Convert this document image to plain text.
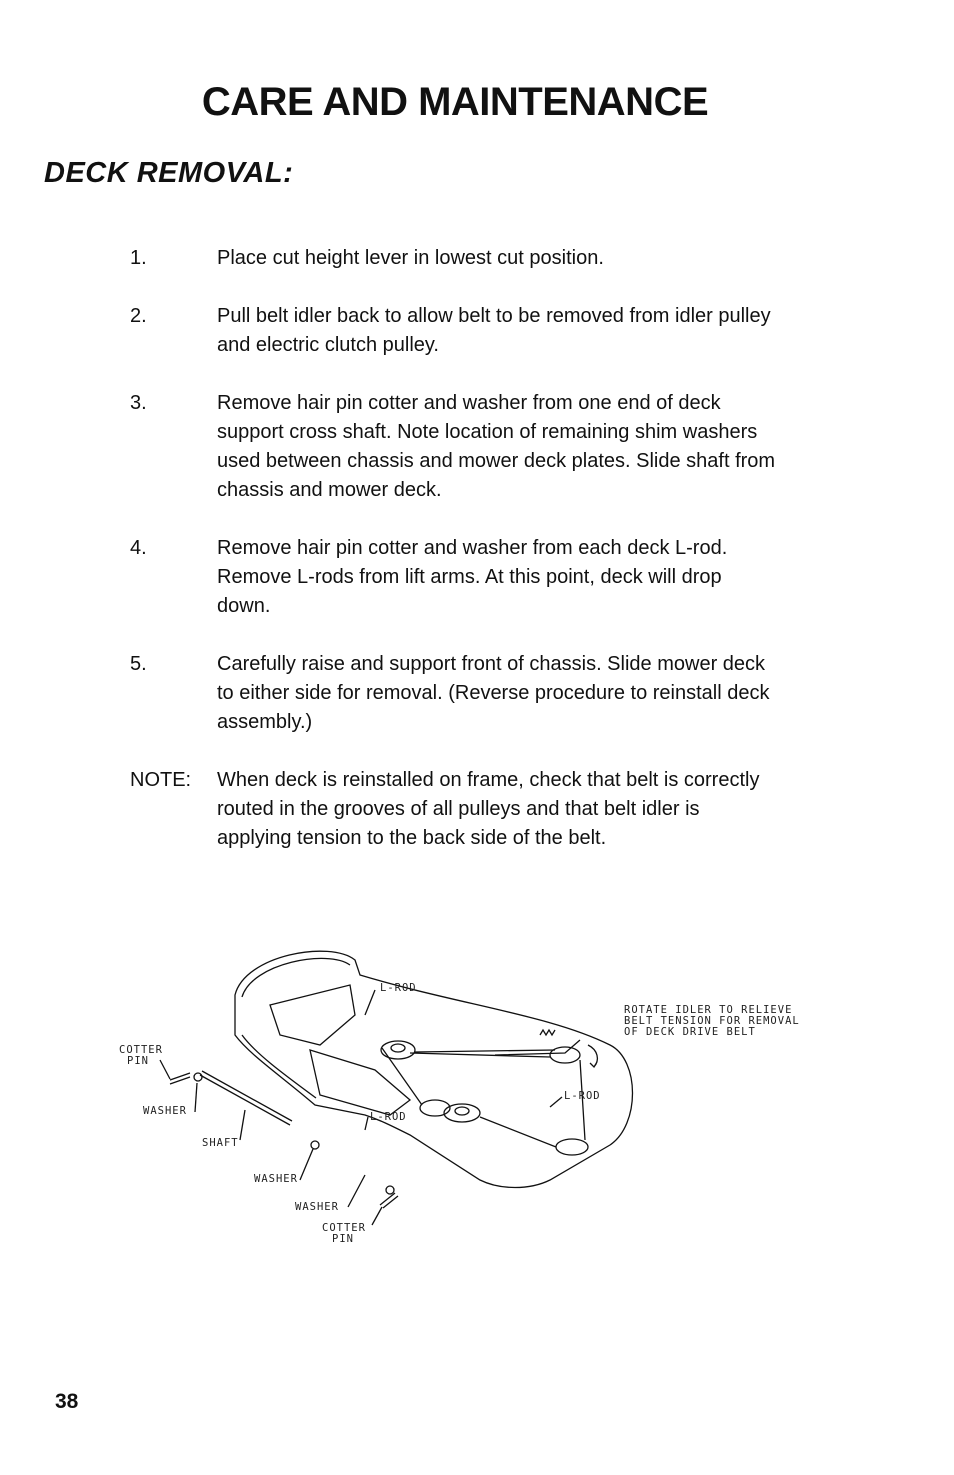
CARE AND MAINTENANCE
DECK REMOVAL:
1.	Place cut height lever in lowest cut position.
2.	Pull belt idler back to allow belt to be removed from idler pulley and electric clutch pulley.
3.	Remove hair pin cotter and washer from one end of deck support cross shaft. Note location of remaining shim washers used between chassis and mower deck plates. Slide shaft from chassis and mower deck.
4.	Remove hair pin cotter and washer from each deck L-rod. Remove L-rods from lift arms. At this point, deck will drop down.
5.	Carefully raise and support front of chassis. Slide mower deck to either side for removal. (Reverse procedure to reinstall deck assembly.)
NOTE:	When deck is reinstalled on frame, check that belt is correctly routed in the grooves of all pulleys and that belt idler is applying tension to the back side of the belt.
L-ROD
ROTATE IDLER TO RELIEVE
BELT TENSION FOR REMOVAL
OF DECK DRIVE BELT
COTTER
PIN
L-ROD
WASHER	L-ROD
SHAFT
WASHER
WASHER
COTTER
PIN
38
